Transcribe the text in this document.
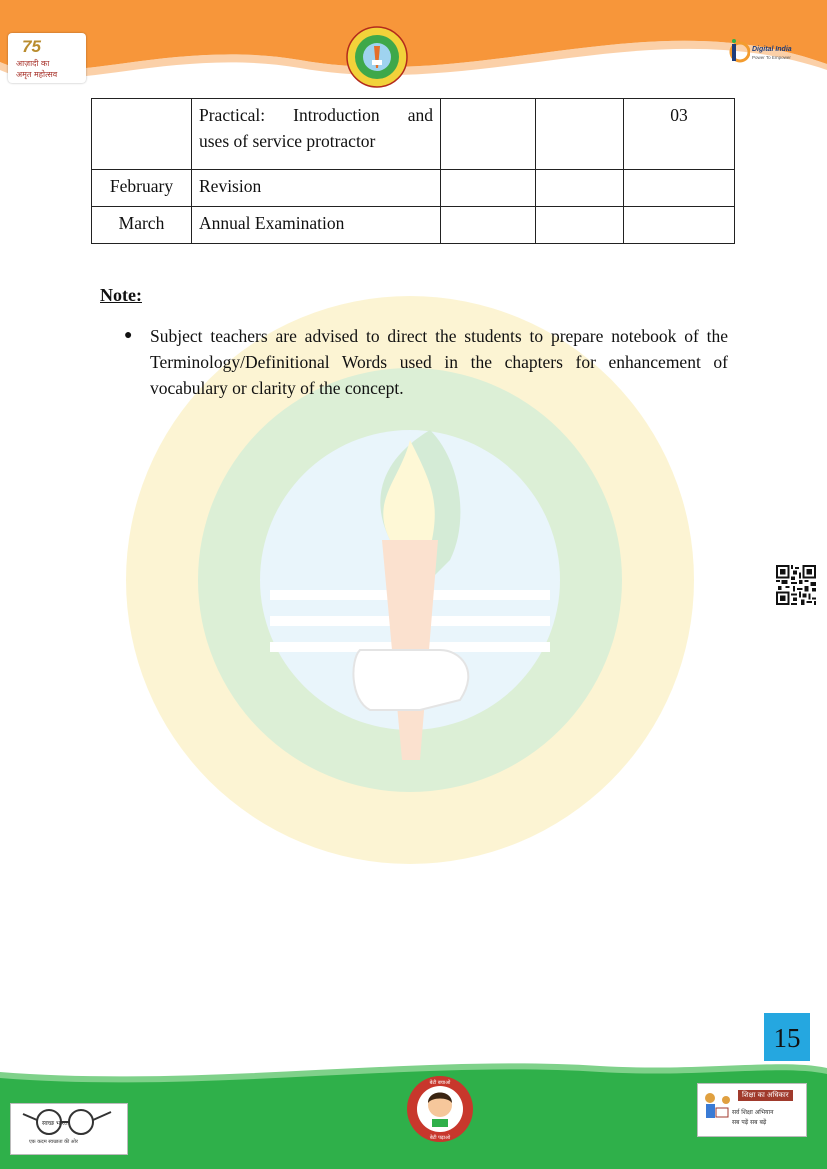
75
आज़ादी का
अमृत महोत्सव
Digital India
Power To Empower

	Practical: Introduction and
uses of service protractor			03
February	Revision			
March	Annual Examination			
Note:
● Subject teachers are advised to direct the students to prepare notebook of the Terminology/Definitional Words used in the chapters for enhancement of vocabulary or clarity of the concept.
15
स्वच्छ भारत
एक कदम स्वच्छता की ओर
बेटी बचाओ
बेटी पढ़ाओ
शिक्षा का अधिकार
सर्व शिक्षा अभियान
सब पढ़ें सब बढ़ें
